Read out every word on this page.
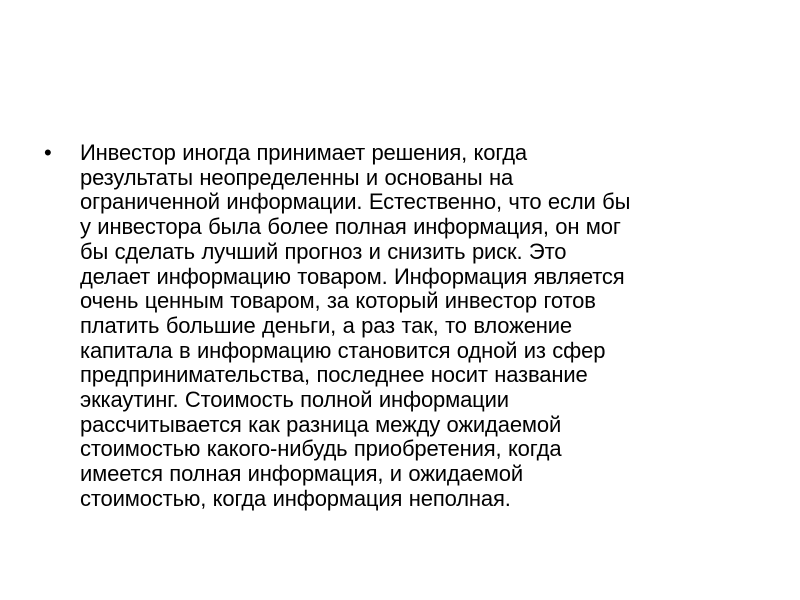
•	Инвестор иногда принимает решения, когда
результаты неопределенны и основаны на
ограниченной информации. Естественно, что если бы
у инвестора была более полная информация, он мог
бы сделать лучший прогноз и снизить риск. Это
делает информацию товаром. Информация является
очень ценным товаром, за который инвестор готов
платить большие деньги, а раз так, то вложение
капитала в информацию становится одной из сфер
предпринимательства, последнее носит название
эккаутинг. Стоимость полной информации
рассчитывается как разница между ожидаемой
стоимостью какого-нибудь приобретения, когда
имеется полная информация, и ожидаемой
стоимостью, когда информация неполная.
